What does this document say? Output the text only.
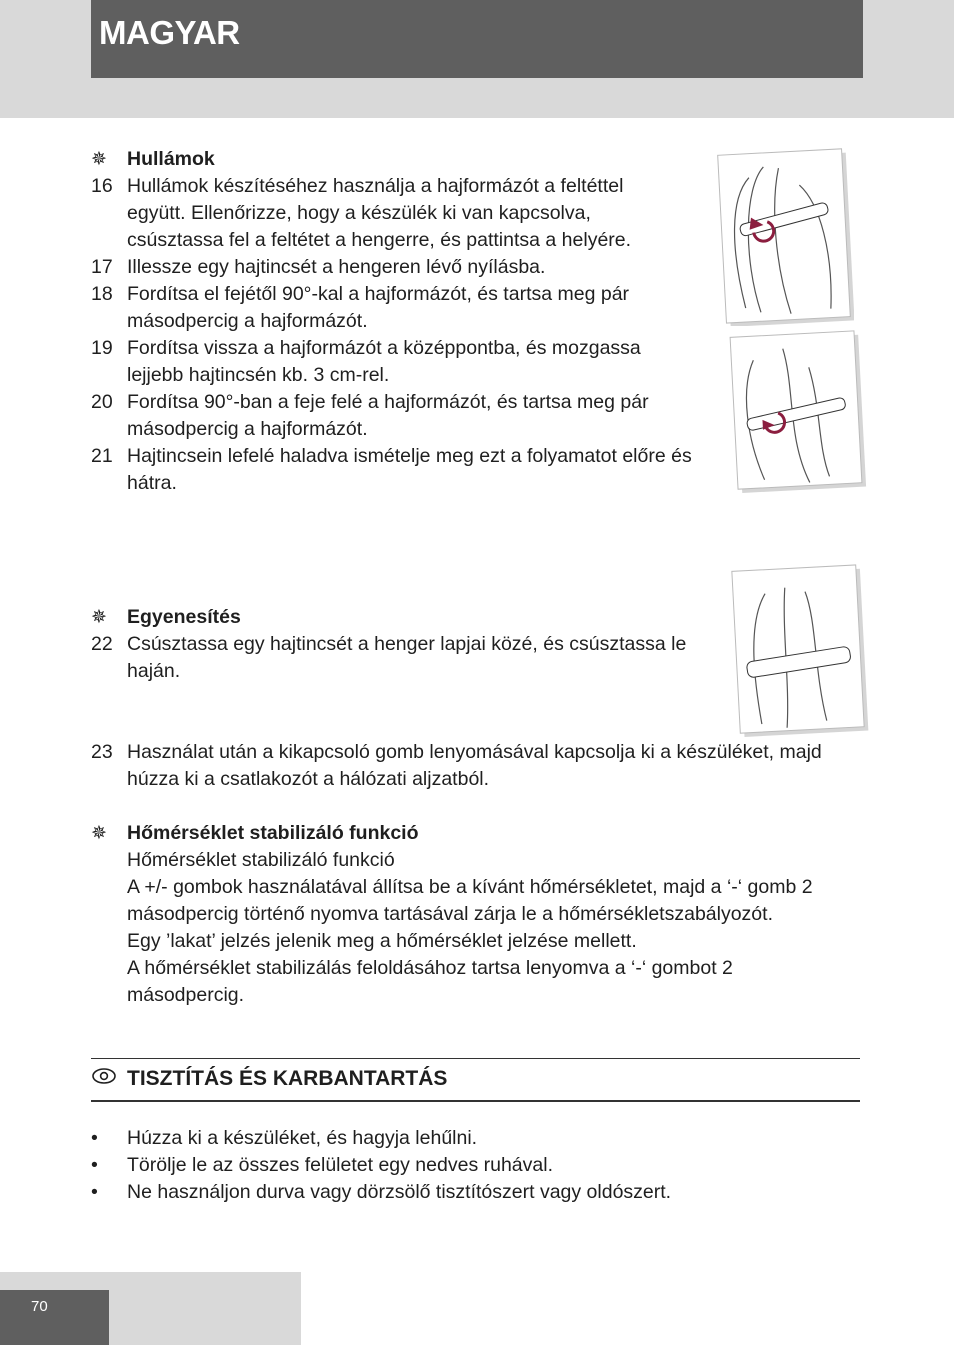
MAGYAR
✵	Hullámok
16 Hullámok készítéséhez használja a hajformázót a feltéttel együtt. Ellenőrizze, hogy a készülék ki van kapcsolva, csúsztassa fel a feltétet a hengerre, és pattintsa a helyére.
17 Illessze egy hajtincsét a hengeren lévő nyílásba.
18 Fordítsa el fejétől 90°-kal a hajformázót, és tartsa meg pár másodpercig a hajformázót.
19 Fordítsa vissza a hajformázót a középpontba, és mozgassa lejjebb hajtincsén kb. 3 cm-rel.
20 Fordítsa 90°-ban a feje felé a hajformázót, és tartsa meg pár másodpercig a hajformázót.
21 Hajtincsein lefelé haladva ismételje meg ezt a folyamatot előre és hátra.
✵	Egyenesítés
22 Csúsztassa egy hajtincsét a henger lapjai közé, és csúsztassa le haján.
23 Használat után a kikapcsoló gomb lenyomásával kapcsolja ki a készüléket, majd húzza ki a csatlakozót a hálózati aljzatból.
✵	Hőmérséklet stabilizáló funkció
Hőmérséklet stabilizáló funkció
A +/- gombok használatával állítsa be a kívánt hőmérsékletet, majd a ‘-‘ gomb 2 másodpercig történő nyomva tartásával zárja le a hőmérsékletszabályozót.
Egy ’lakat’ jelzés jelenik meg a hőmérséklet jelzése mellett.
A hőmérséklet stabilizálás feloldásához tartsa lenyomva a ‘-‘ gombot 2 másodpercig.
TISZTÍTÁS ÉS KARBANTARTÁS
•	Húzza ki a készüléket, és hagyja lehűlni.
•	Törölje le az összes felületet egy nedves ruhával.
•	Ne használjon durva vagy dörzsölő tisztítószert vagy oldószert.
70
